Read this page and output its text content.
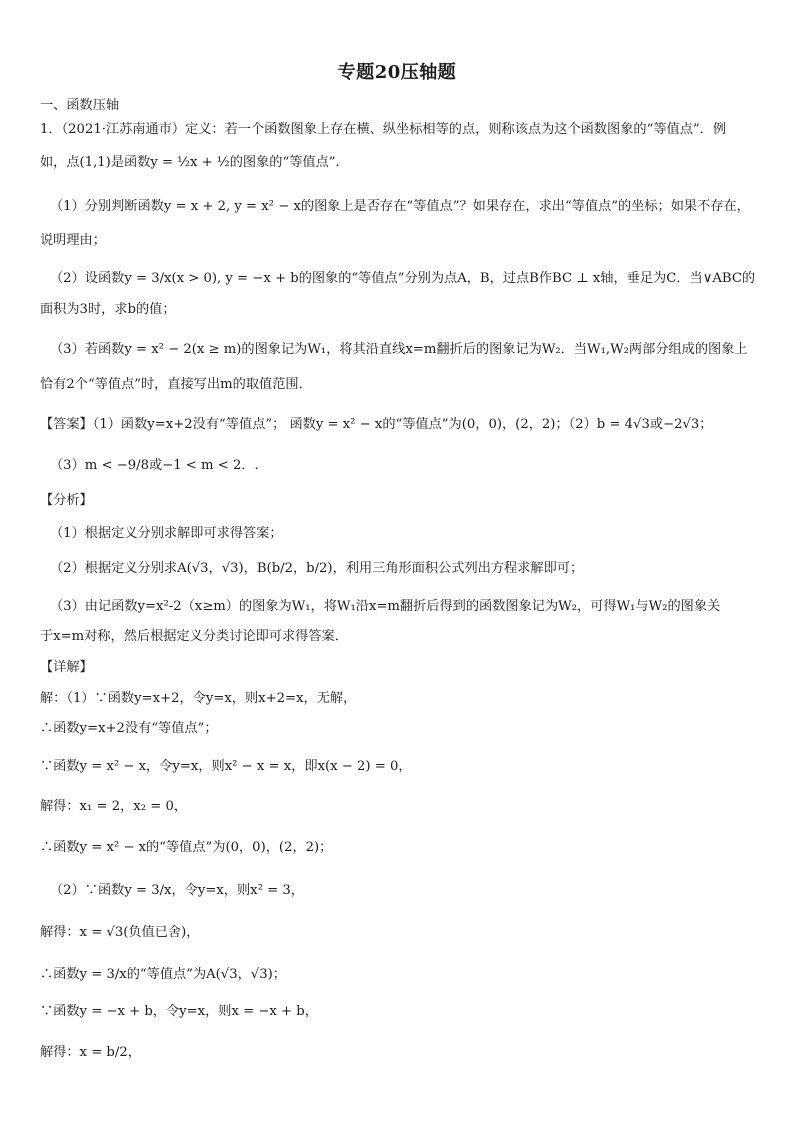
专题20压轴题
一、函数压轴
1．（2021·江苏南通市）定义：若一个函数图象上存在横、纵坐标相等的点，则称该点为这个函数图象的“等值点”．例
如，点(1,1)是函数y = ½x + ½的图象的“等值点”．
（1）分别判断函数y = x + 2, y = x² − x的图象上是否存在“等值点”？如果存在，求出“等值点”的坐标；如果不存在，
说明理由；
（2）设函数y = 3/x(x > 0), y = −x + b的图象的“等值点”分别为点A，B，过点B作BC ⊥ x轴，垂足为C．当∨ABC的
面积为3时，求b的值；
（3）若函数y = x² − 2(x ≥ m)的图象记为W₁，将其沿直线x=m翻折后的图象记为W₂．当W₁,W₂两部分组成的图象上
恰有2个“等值点”时，直接写出m的取值范围．
【答案】（1）函数y=x+2没有“等值点”； 函数y = x² − x的“等值点”为(0，0)，(2，2)；（2）b = 4√3或−2√3；
（3）m < −9/8或−1 < m < 2．.
【分析】
（1）根据定义分别求解即可求得答案；
（2）根据定义分别求A(√3，√3)，B(b/2，b/2)，利用三角形面积公式列出方程求解即可；
（3）由记函数y=x²-2（x≥m）的图象为W₁，将W₁沿x=m翻折后得到的函数图象记为W₂，可得W₁与W₂的图象关
于x=m对称，然后根据定义分类讨论即可求得答案．
【详解】
解：（1）∵函数y=x+2，令y=x，则x+2=x，无解，
∴函数y=x+2没有“等值点”；
∵函数y = x² − x，令y=x，则x² − x = x，即x(x − 2) = 0，
解得：x₁ = 2，x₂ = 0，
∴函数y = x² − x的“等值点”为(0，0)，(2，2)；
（2）∵函数y = 3/x，令y=x，则x² = 3，
解得：x = √3(负值已舍)，
∴函数y = 3/x的“等值点”为A(√3，√3)；
∵函数y = −x + b，令y=x，则x = −x + b，
解得：x = b/2，
